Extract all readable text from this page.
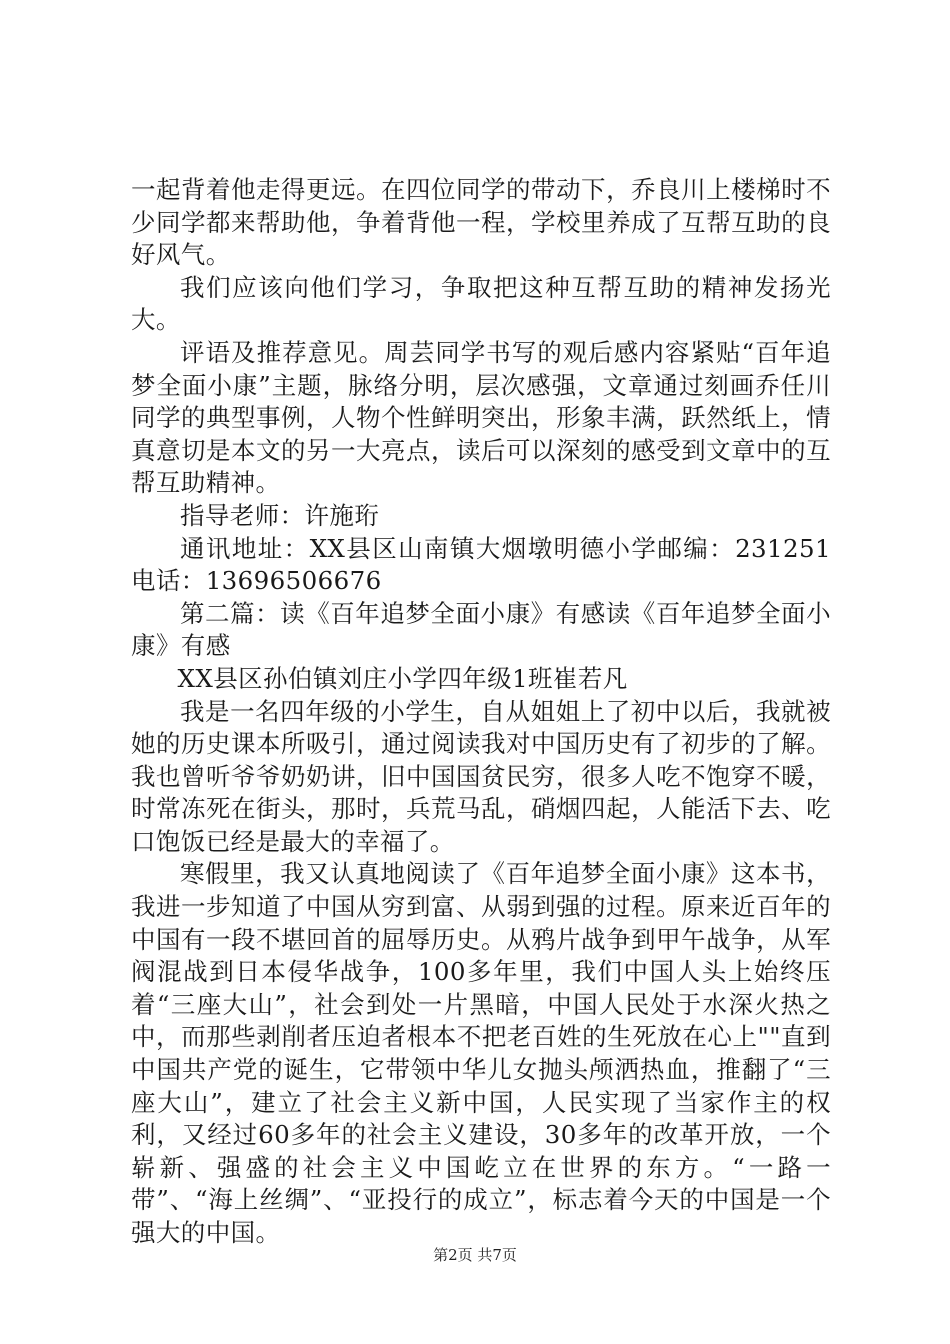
一起背着他走得更远。在四位同学的带动下，乔良川上楼梯时不少同学都来帮助他，争着背他一程，学校里养成了互帮互助的良好风气。

我们应该向他们学习，争取把这种互帮互助的精神发扬光大。

评语及推荐意见。周芸同学书写的观后感内容紧贴“百年追梦全面小康”主题，脉络分明，层次感强，文章通过刻画乔任川同学的典型事例，人物个性鲜明突出，形象丰满，跃然纸上，情真意切是本文的另一大亮点，读后可以深刻的感受到文章中的互帮互助精神。

指导老师：许施珩

通讯地址：XX县区山南镇大烟墩明德小学邮编：231251电话：13696506676

第二篇：读《百年追梦全面小康》有感读《百年追梦全面小康》有感

XX县区孙伯镇刘庄小学四年级1班崔若凡

我是一名四年级的小学生，自从姐姐上了初中以后，我就被她的历史课本所吸引，通过阅读我对中国历史有了初步的了解。我也曾听爷爷奶奶讲，旧中国国贫民穷，很多人吃不饱穿不暖，时常冻死在街头，那时，兵荒马乱，硝烟四起，人能活下去、吃口饱饭已经是最大的幸福了。

寒假里，我又认真地阅读了《百年追梦全面小康》这本书，我进一步知道了中国从穷到富、从弱到强的过程。原来近百年的中国有一段不堪回首的屈辱历史。从鸦片战争到甲午战争，从军阀混战到日本侵华战争，100多年里，我们中国人头上始终压着“三座大山”，社会到处一片黑暗，中国人民处于水深火热之中，而那些剥削者压迫者根本不把老百姓的生死放在心上""直到中国共产党的诞生，它带领中华儿女抛头颅洒热血，推翻了“三座大山”，建立了社会主义新中国，人民实现了当家作主的权利，又经过60多年的社会主义建设，30多年的改革开放，一个崭新、强盛的社会主义中国屹立在世界的东方。“一路一带”、“海上丝绸”、“亚投行的成立”，标志着今天的中国是一个强大的中国。

第2页 共7页
